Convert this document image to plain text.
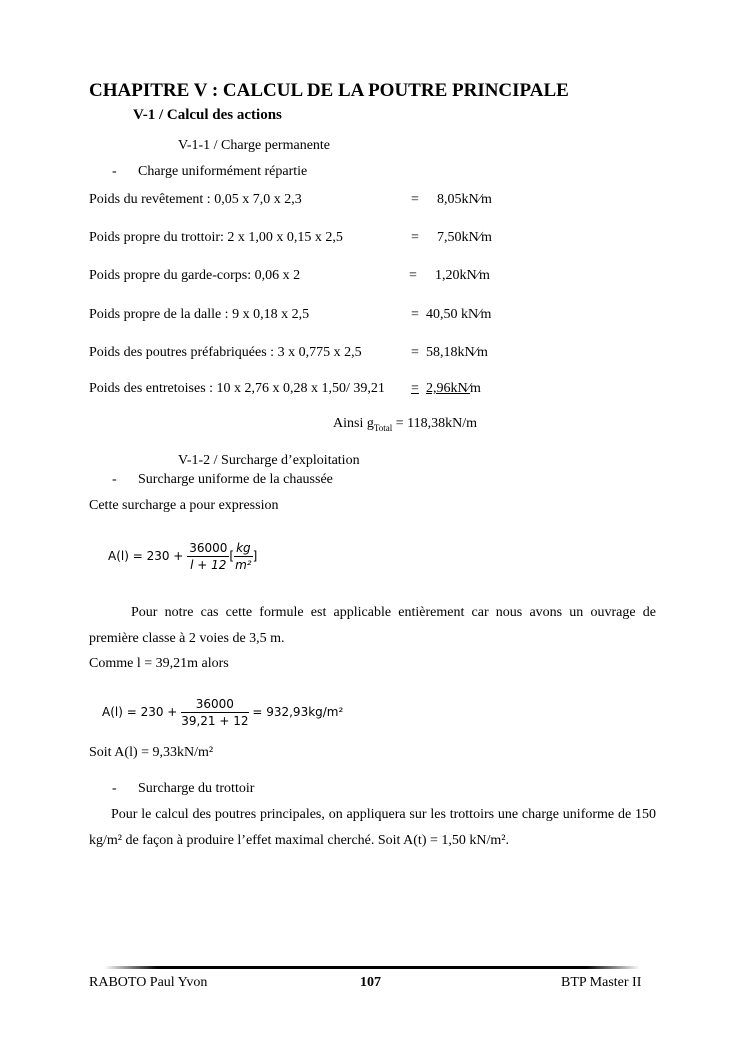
CHAPITRE V : CALCUL DE LA POUTRE PRINCIPALE
V-1 / Calcul des actions
V-1-1 / Charge permanente
- Charge uniformément répartie
Poids du revêtement : 0,05 x 7,0 x 2,3	= 8,05kN∕m
Poids propre du trottoir: 2 x 1,00 x 0,15 x 2,5	= 7,50kN∕m
Poids propre du garde-corps: 0,06 x 2	= 1,20kN∕m
Poids propre de la dalle : 9 x 0,18 x 2,5	= 40,50 kN∕m
Poids des poutres préfabriquées : 3 x 0,775 x 2,5	= 58,18kN∕m
Poids des entretoises : 10 x 2,76 x 0,28 x 1,50/ 39,21 = 2,96kN∕m
Ainsi $g_{Total} = 118,38kN/m$
V-1-2 / Surcharge d’exploitation
- Surcharge uniforme de la chaussée
Cette surcharge a pour expression
$A(l) = 230 + \frac{36000}{l + 12}$ [ $\frac{kg}{\text{m²}}$ ]
Pour notre cas cette formule est applicable entièrement car nous avons un ouvrage de première classe à 2 voies de 3,5 m.
Comme l = 39,21m alors
$A(l) = 230 + \frac{36000}{39,21 + 12} = 932,93kg/m^2$
Soit A(l) = 9,33kN/m²
- Surcharge du trottoir
Pour le calcul des poutres principales, on appliquera sur les trottoirs une charge uniforme de 150 kg/m² de façon à produire l’effet maximal cherché. Soit A(t) = 1,50 kN/m².
RABOTO Paul Yvon	107	BTP Master II
